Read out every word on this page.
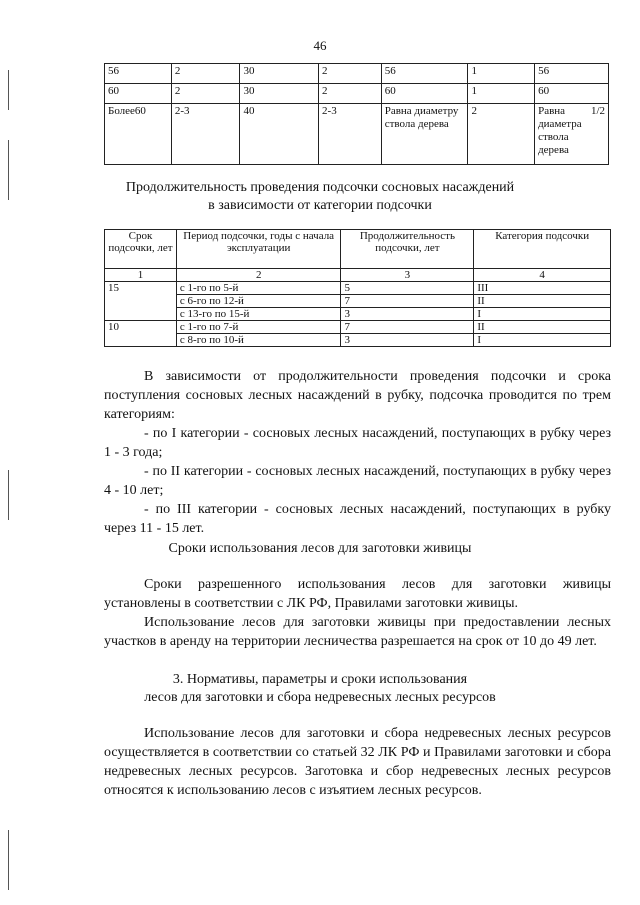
46
56	2	30	2	56	1	56
60	2	30	2	60	1	60
Более60	2-3	40	2-3	Равна диаметру ствола дерева	2	Равна 1/2
диаметра ствола дерева
Продолжительность проведения подсочки сосновых насаждений
в зависимости от категории подсочки
Срок подсочки, лет	Период подсочки, годы с начала эксплуатации	Продолжительность подсочки, лет	Категория подсочки
1	2	3	4
15	с 1-го по 5-й	5	III
	с 6-го по 12-й	7	II
	с 13-го по 15-й	3	I
10	с 1-го по 7-й	7	II
	с 8-го по 10-й	3	I
В зависимости от продолжительности проведения подсочки и срока поступления сосновых лесных насаждений в рубку, подсочка проводится по трем категориям:
- по I категории - сосновых лесных насаждений, поступающих в рубку через 1 - 3 года;
- по II категории - сосновых лесных насаждений, поступающих в рубку через 4 - 10 лет;
- по III категории - сосновых лесных насаждений, поступающих в рубку через 11 - 15 лет.
Сроки использования лесов для заготовки живицы
Сроки разрешенного использования лесов для заготовки живицы установлены в соответствии с ЛК РФ, Правилами заготовки живицы.
Использование лесов для заготовки живицы при предоставлении лесных участков в аренду на территории лесничества разрешается на срок от 10 до 49 лет.
3. Нормативы, параметры и сроки использования
лесов для заготовки и сбора недревесных лесных ресурсов
Использование лесов для заготовки и сбора недревесных лесных ресурсов осуществляется в соответствии со статьей 32 ЛК РФ и Правилами заготовки и сбора недревесных лесных ресурсов. Заготовка и сбор недревесных лесных ресурсов относятся к использованию лесов с изъятием лесных ресурсов.
